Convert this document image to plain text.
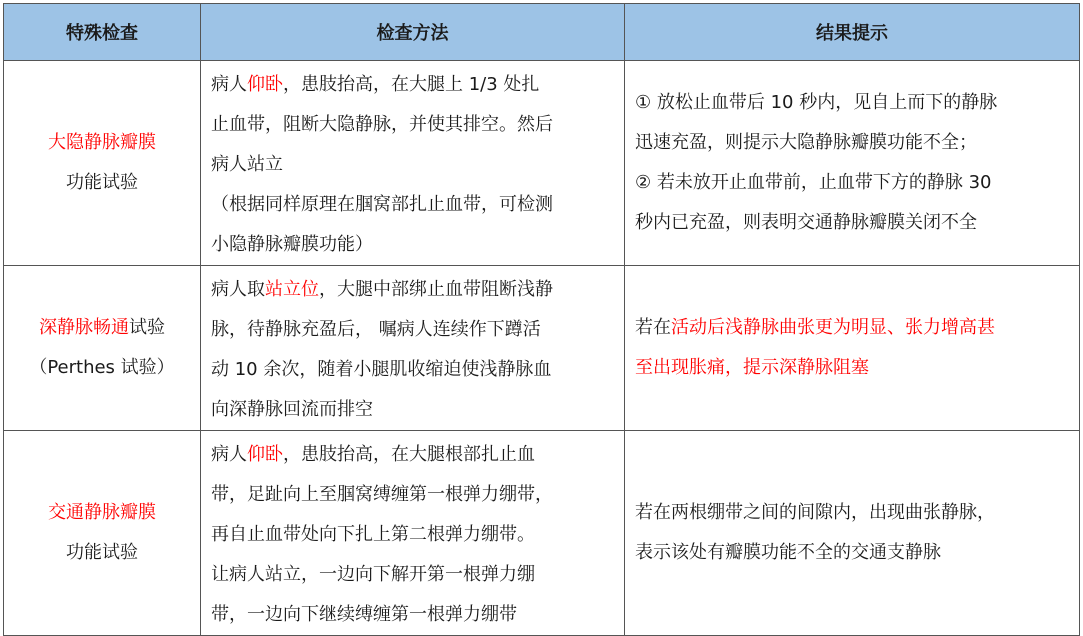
特殊检查	检查方法	结果提示

大隐静脉瓣膜
功能试验	病人仰卧，患肢抬高，在大腿上 1/3 处扎
止血带，阻断大隐静脉，并使其排空。然后
病人站立
（根据同样原理在腘窝部扎止血带，可检测
小隐静脉瓣膜功能）	① 放松止血带后 10 秒内，见自上而下的静脉
迅速充盈，则提示大隐静脉瓣膜功能不全；
② 若未放开止血带前，止血带下方的静脉 30
秒内已充盈，则表明交通静脉瓣膜关闭不全

深静脉畅通试验
（Perthes 试验）	病人取站立位，大腿中部绑止血带阻断浅静
脉，待静脉充盈后， 嘱病人连续作下蹲活
动 10 余次，随着小腿肌收缩迫使浅静脉血
向深静脉回流而排空	若在活动后浅静脉曲张更为明显、张力增高甚
至出现胀痛，提示深静脉阻塞

交通静脉瓣膜
功能试验	病人仰卧，患肢抬高，在大腿根部扎止血
带，足趾向上至腘窝缚缠第一根弹力绷带，
再自止血带处向下扎上第二根弹力绷带。
让病人站立，一边向下解开第一根弹力绷
带，一边向下继续缚缠第一根弹力绷带	若在两根绷带之间的间隙内，出现曲张静脉，
表示该处有瓣膜功能不全的交通支静脉
